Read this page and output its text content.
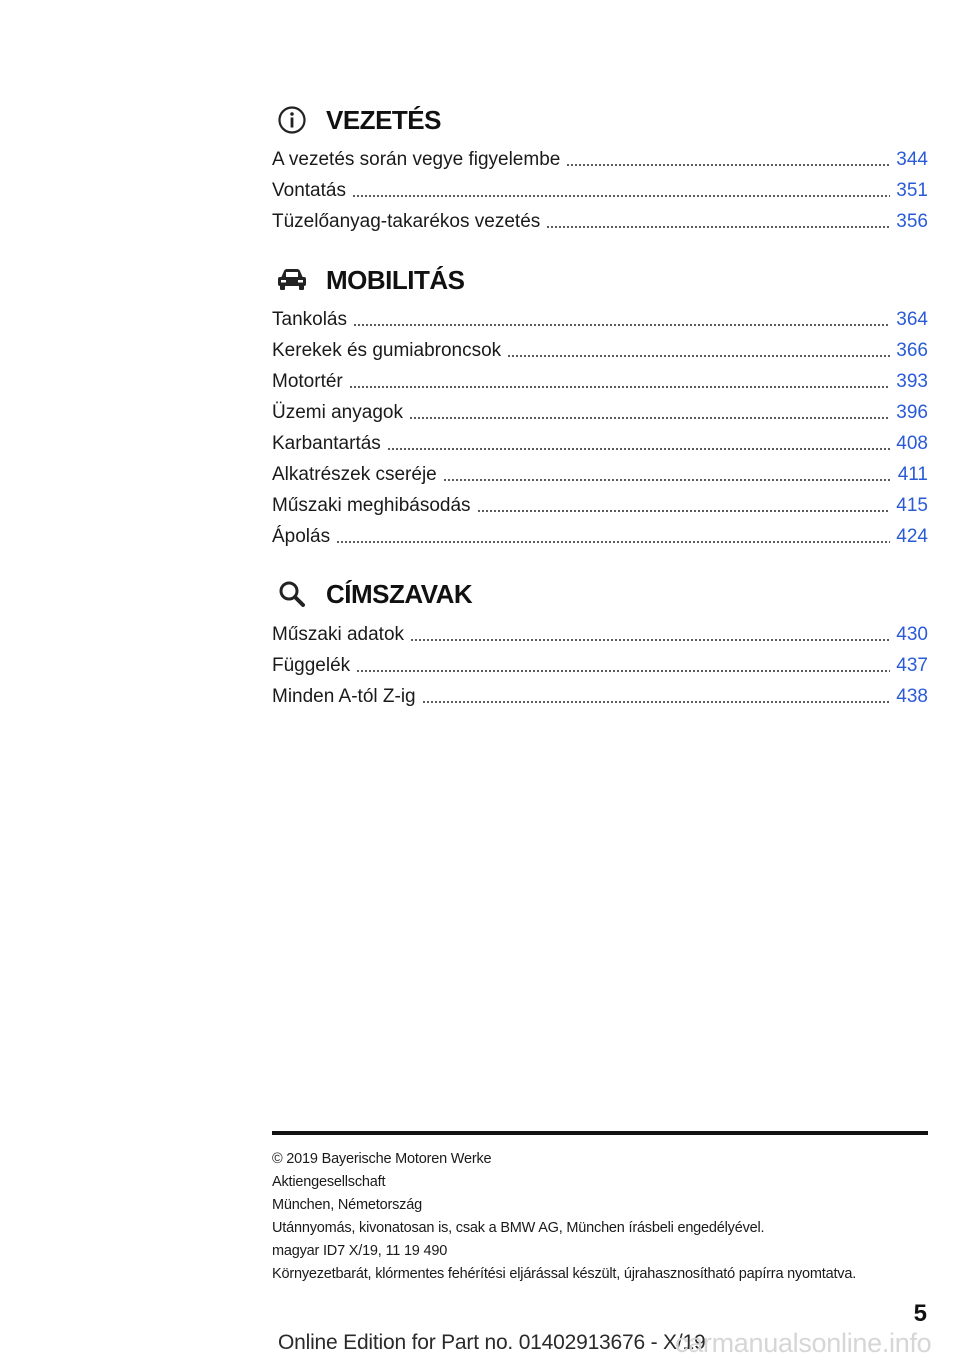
VEZETÉS
A vezetés során vegye figyelembe	344
Vontatás	351
Tüzelőanyag-takarékos vezetés	356
MOBILITÁS
Tankolás	364
Kerekek és gumiabroncsok	366
Motortér	393
Üzemi anyagok	396
Karbantartás	408
Alkatrészek cseréje	411
Műszaki meghibásodás	415
Ápolás	424
CÍMSZAVAK
Műszaki adatok	430
Függelék	437
Minden A-tól Z-ig	438
© 2019 Bayerische Motoren Werke
Aktiengesellschaft
München, Németország
Utánnyomás, kivonatosan is, csak a BMW AG, München írásbeli engedélyével.
magyar ID7 X/19, 11 19 490
Környezetbarát, klórmentes fehérítési eljárással készült, újrahasznosítható papírra nyomtatva.
5
Online Edition for Part no. 01402913676 - X/19
carmanualsonline.info
